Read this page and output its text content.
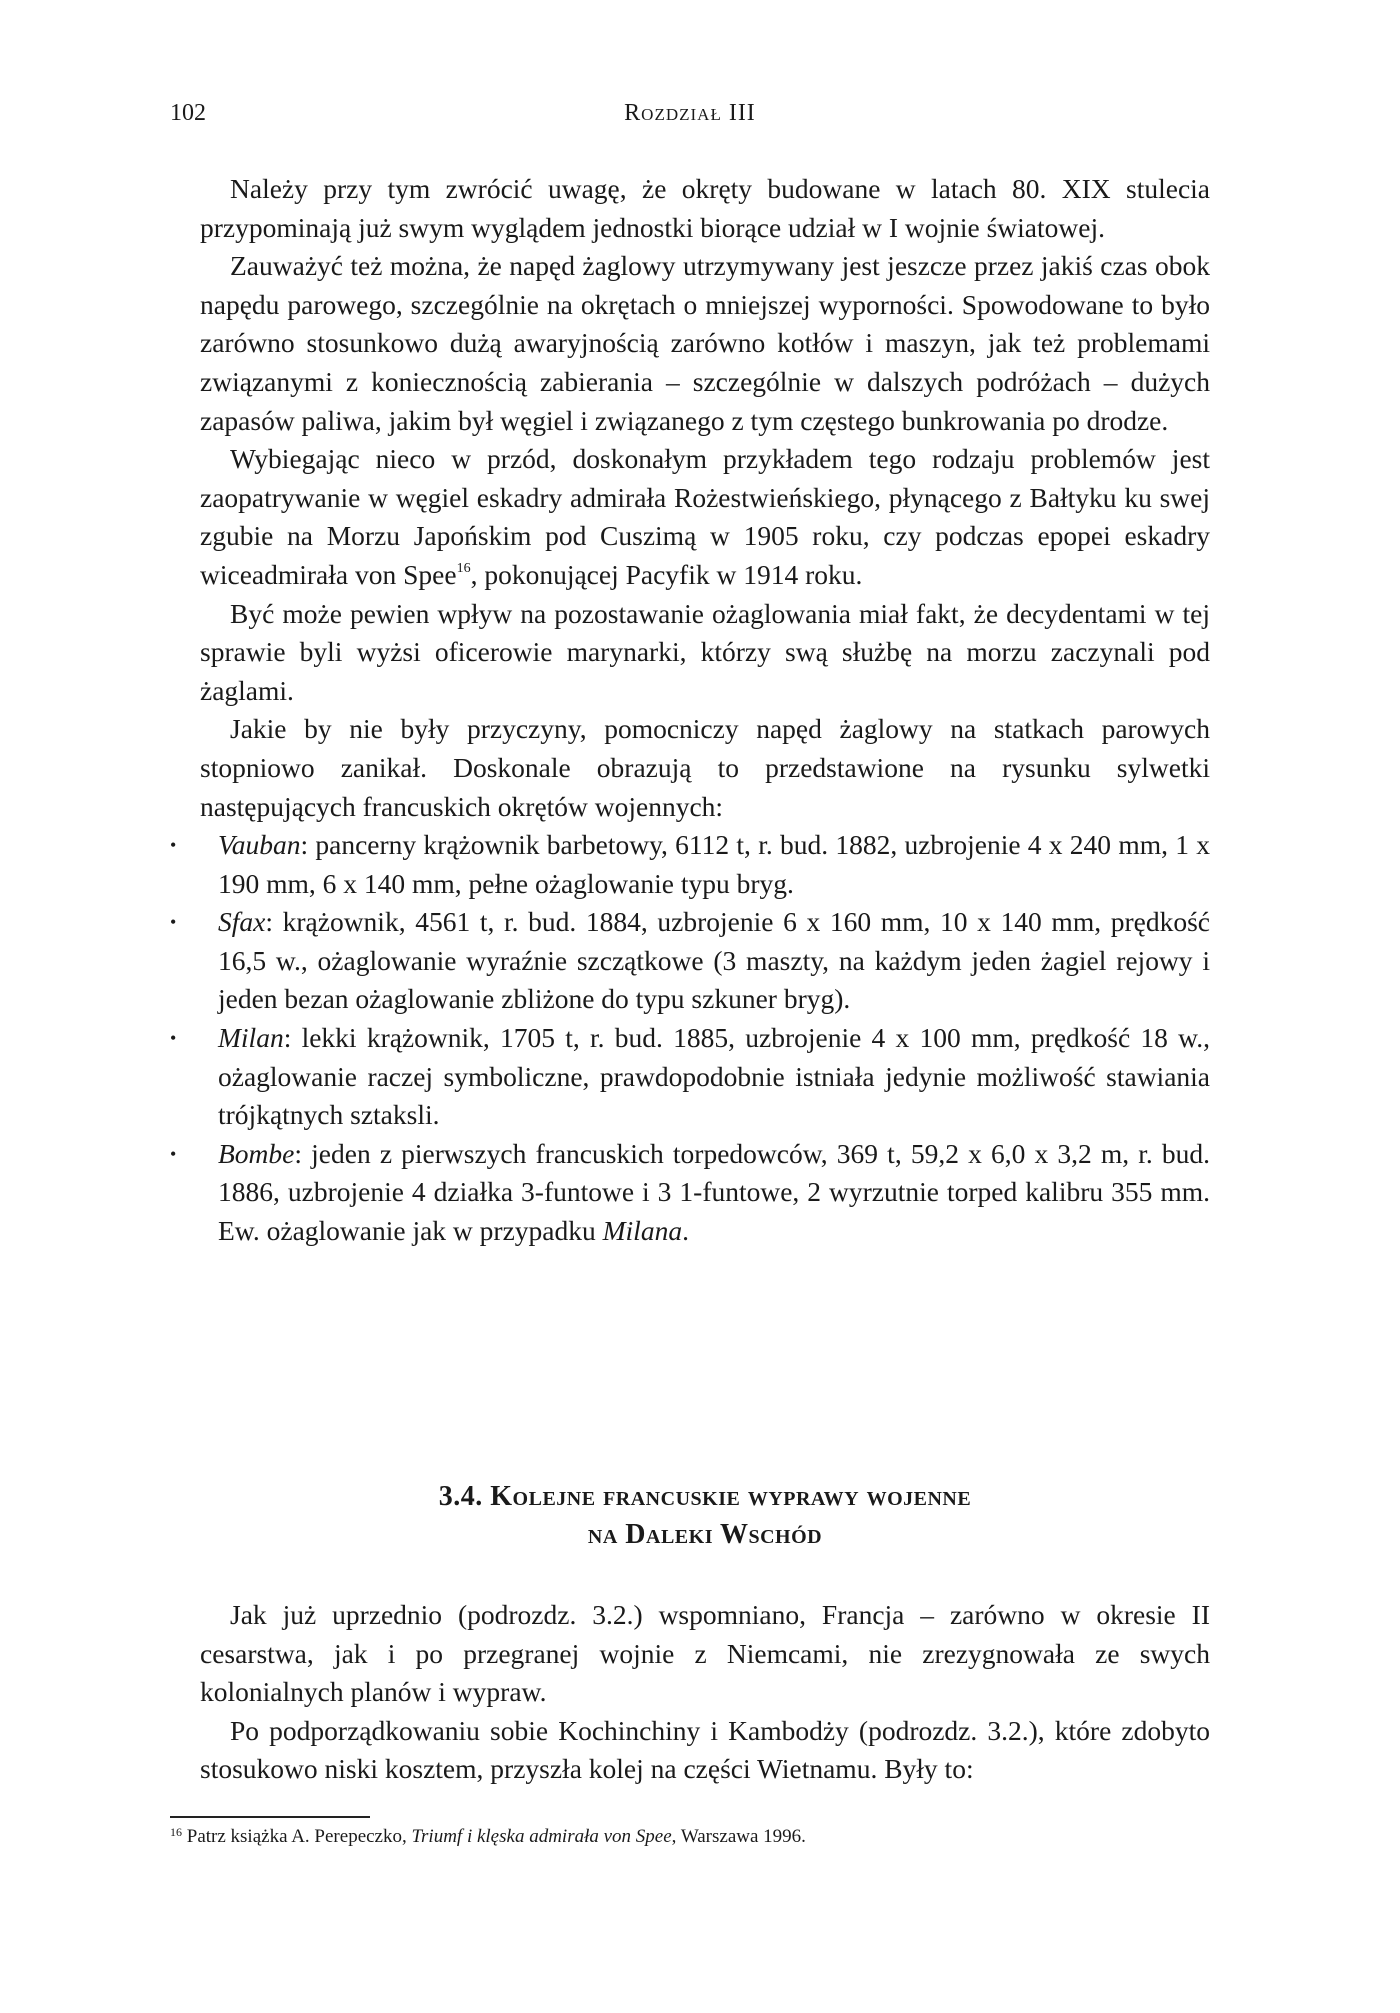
102	Rozdział III

Należy przy tym zwrócić uwagę, że okręty budowane w latach 80. XIX stulecia przypominają już swym wyglądem jednostki biorące udział w I wojnie światowej.

Zauważyć też można, że napęd żaglowy utrzymywany jest jeszcze przez jakiś czas obok napędu parowego, szczególnie na okrętach o mniejszej wyporności. Spowodowane to było zarówno stosunkowo dużą awaryjnością zarówno kotłów i maszyn, jak też problemami związanymi z koniecznością zabierania – szczególnie w dalszych podróżach – dużych zapasów paliwa, jakim był węgiel i związanego z tym częstego bunkrowania po drodze.

Wybiegając nieco w przód, doskonałym przykładem tego rodzaju problemów jest zaopatrywanie w węgiel eskadry admirała Rożestwieńskiego, płynącego z Bałtyku ku swej zgubie na Morzu Japońskim pod Cuszimą w 1905 roku, czy podczas epopei eskadry wiceadmirała von Spee$^{16}$, pokonującej Pacyfik w 1914 roku.

Być może pewien wpływ na pozostawanie ożaglowania miał fakt, że decydentami w tej sprawie byli wyżsi oficerowie marynarki, którzy swą służbę na morzu zaczynali pod żaglami.

Jakie by nie były przyczyny, pomocniczy napęd żaglowy na statkach parowych stopniowo zanikał. Doskonale obrazują to przedstawione na rysunku sylwetki następujących francuskich okrętów wojennych:

• Vauban: pancerny krążownik barbetowy, 6112 t, r. bud. 1882, uzbrojenie 4 x 240 mm, 1 x 190 mm, 6 x 140 mm, pełne ożaglowanie typu bryg.
• Sfax: krążownik, 4561 t, r. bud. 1884, uzbrojenie 6 x 160 mm, 10 x 140 mm, prędkość 16,5 w., ożaglowanie wyraźnie szczątkowe (3 maszty, na każdym jeden żagiel rejowy i jeden bezan ożaglowanie zbliżone do typu szkuner bryg).
• Milan: lekki krążownik, 1705 t, r. bud. 1885, uzbrojenie 4 x 100 mm, prędkość 18 w., ożaglowanie raczej symboliczne, prawdopodobnie istniała jedynie możliwość stawiania trójkątnych sztaksli.
• Bombe: jeden z pierwszych francuskich torpedowców, 369 t, 59,2 x 6,0 x 3,2 m, r. bud. 1886, uzbrojenie 4 działka 3-funtowe i 3 1-funtowe, 2 wyrzutnie torped kalibru 355 mm. Ew. ożaglowanie jak w przypadku Milana.
3.4. Kolejne francuskie wyprawy wojenne
na Daleki Wschód

Jak już uprzednio (podrozdz. 3.2.) wspomniano, Francja – zarówno w okresie II cesarstwa, jak i po przegranej wojnie z Niemcami, nie zrezygnowała ze swych kolonialnych planów i wypraw.

Po podporządkowaniu sobie Kochinchiny i Kambodży (podrozdz. 3.2.), które zdobyto stosukowo niski kosztem, przyszła kolej na części Wietnamu. Były to:

$^{16}$ Patrz książka A. Perepeczko, Triumf i klęska admirała von Spee, Warszawa 1996.
